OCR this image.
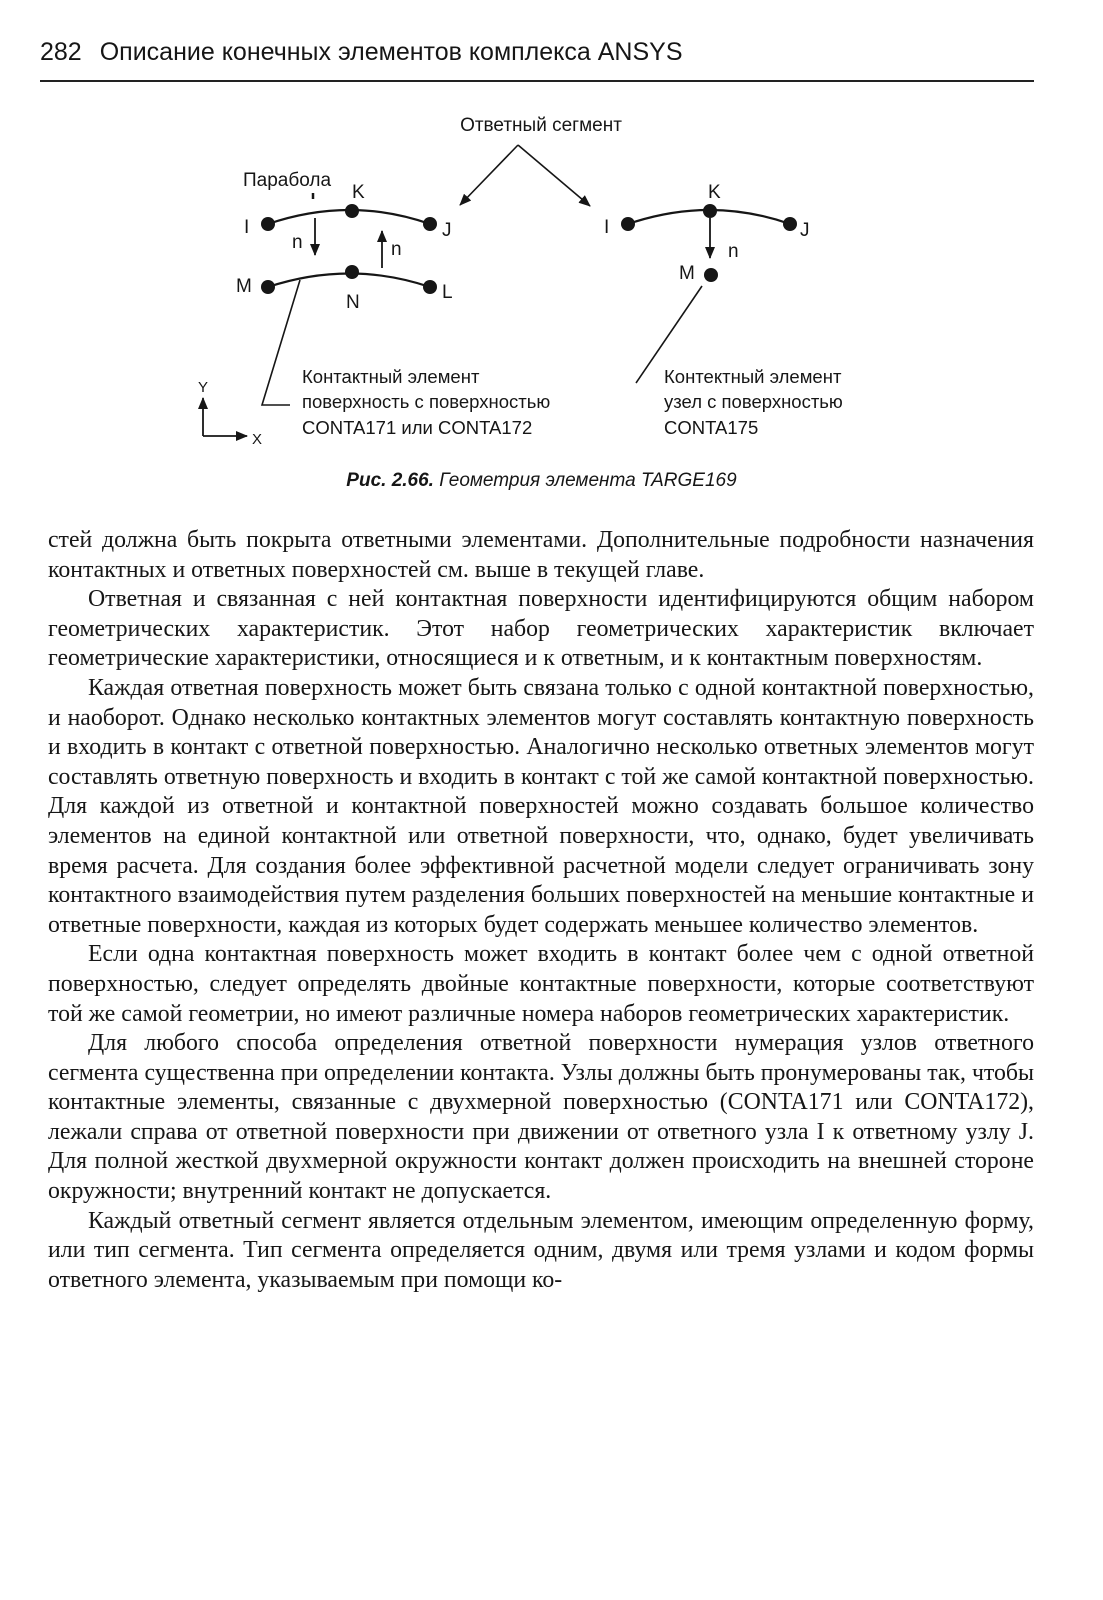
282 Описание конечных элементов комплекса ANSYS
Ответный сегмент
Парабола
I
K
J
n	n
M
N	L
I
K
J
n
M
Контактный элемент
поверхность с поверхностью
CONTA171 или CONTA172
Контектный элемент
узел с поверхностью
CONTA175
Y
X
Рис. 2.66. Геометрия элемента TARGE169

стей должна быть покрыта ответными элементами. Дополнительные подробности назначения контактных и ответных поверхностей см. выше в текущей главе.

Ответная и связанная с ней контактная поверхности идентифицируются общим набором геометрических характеристик. Этот набор геометрических характеристик включает геометрические характеристики, относящиеся и к ответным, и к контактным поверхностям.

Каждая ответная поверхность может быть связана только с одной контактной поверхностью, и наоборот. Однако несколько контактных элементов могут составлять контактную поверхность и входить в контакт с ответной поверхностью. Аналогично несколько ответных элементов могут составлять ответную поверхность и входить в контакт с той же самой контактной поверхностью. Для каждой из ответной и контактной поверхностей можно создавать большое количество элементов на единой контактной или ответной поверхности, что, однако, будет увеличивать время расчета. Для создания более эффективной расчетной модели следует ограничивать зону контактного взаимодействия путем разделения больших поверхностей на меньшие контактные и ответные поверхности, каждая из которых будет содержать меньшее количество элементов.

Если одна контактная поверхность может входить в контакт более чем с одной ответной поверхностью, следует определять двойные контактные поверхности, которые соответствуют той же самой геометрии, но имеют различные номера наборов геометрических характеристик.

Для любого способа определения ответной поверхности нумерация узлов ответного сегмента существенна при определении контакта. Узлы должны быть пронумерованы так, чтобы контактные элементы, связанные с двухмерной поверхностью (CONTA171 или CONTA172), лежали справа от ответной поверхности при движении от ответного узла I к ответному узлу J. Для полной жесткой двухмерной окружности контакт должен происходить на внешней стороне окружности; внутренний контакт не допускается.

Каждый ответный сегмент является отдельным элементом, имеющим определенную форму, или тип сегмента. Тип сегмента определяется одним, двумя или тремя узлами и кодом формы ответного элемента, указываемым при помощи ко-
